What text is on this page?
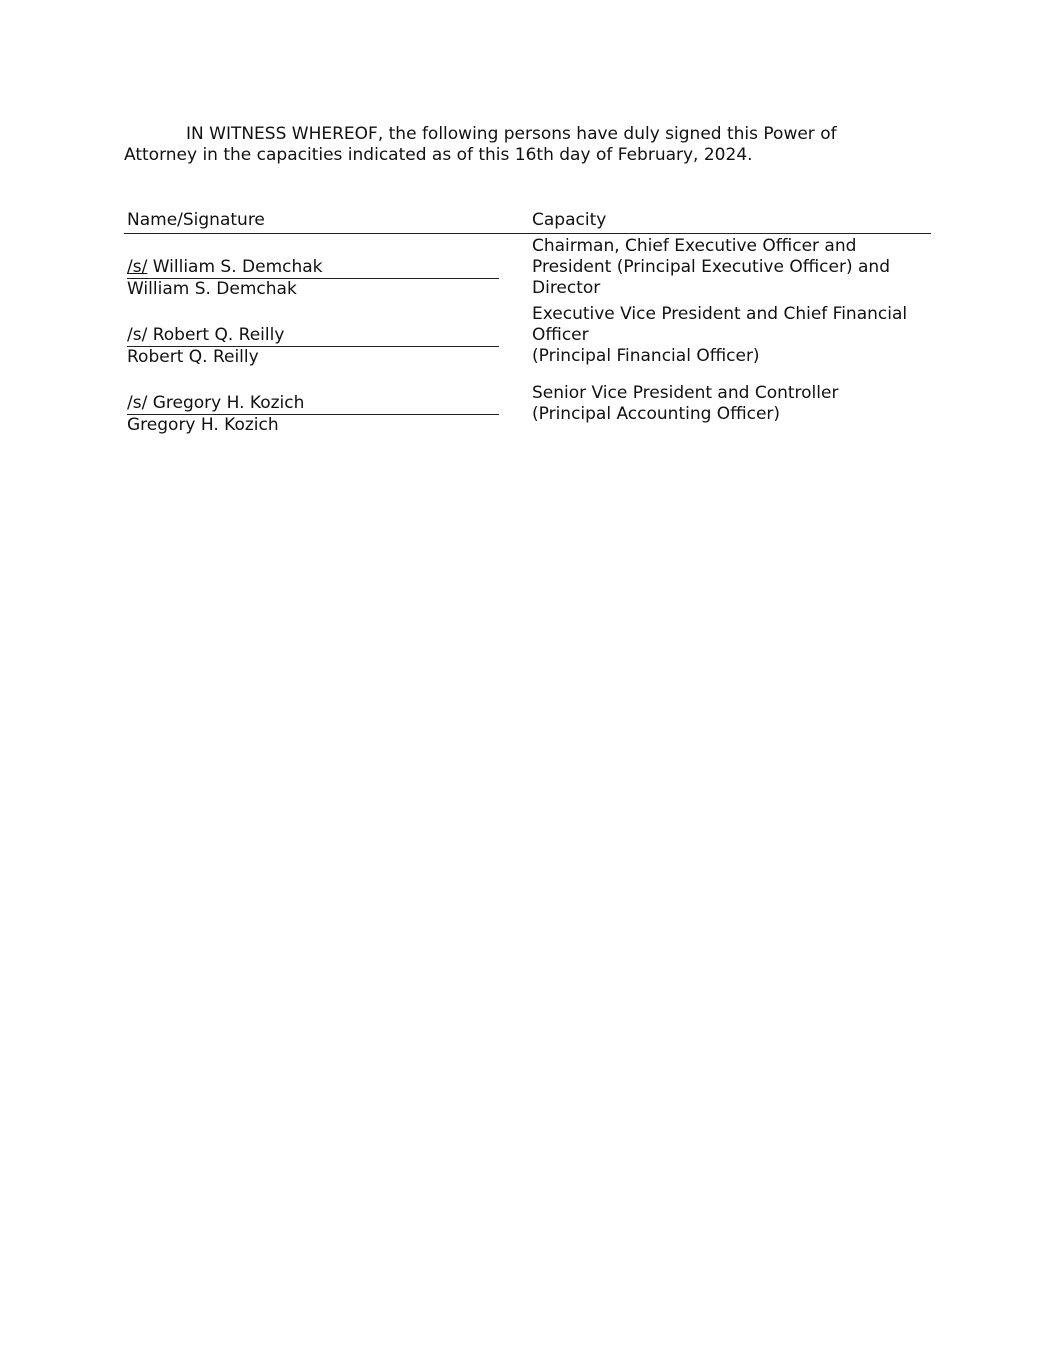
IN WITNESS WHEREOF, the following persons have duly signed this Power of
Attorney in the capacities indicated as of this 16th day of February, 2024.

Name/Signature	Capacity
/s/ William S. Demchak
William S. Demchak
Chairman, Chief Executive Officer and
President (Principal Executive Officer) and
Director
/s/ Robert Q. Reilly
Robert Q. Reilly
Executive Vice President and Chief Financial
Officer
(Principal Financial Officer)
/s/ Gregory H. Kozich
Gregory H. Kozich
Senior Vice President and Controller
(Principal Accounting Officer)
